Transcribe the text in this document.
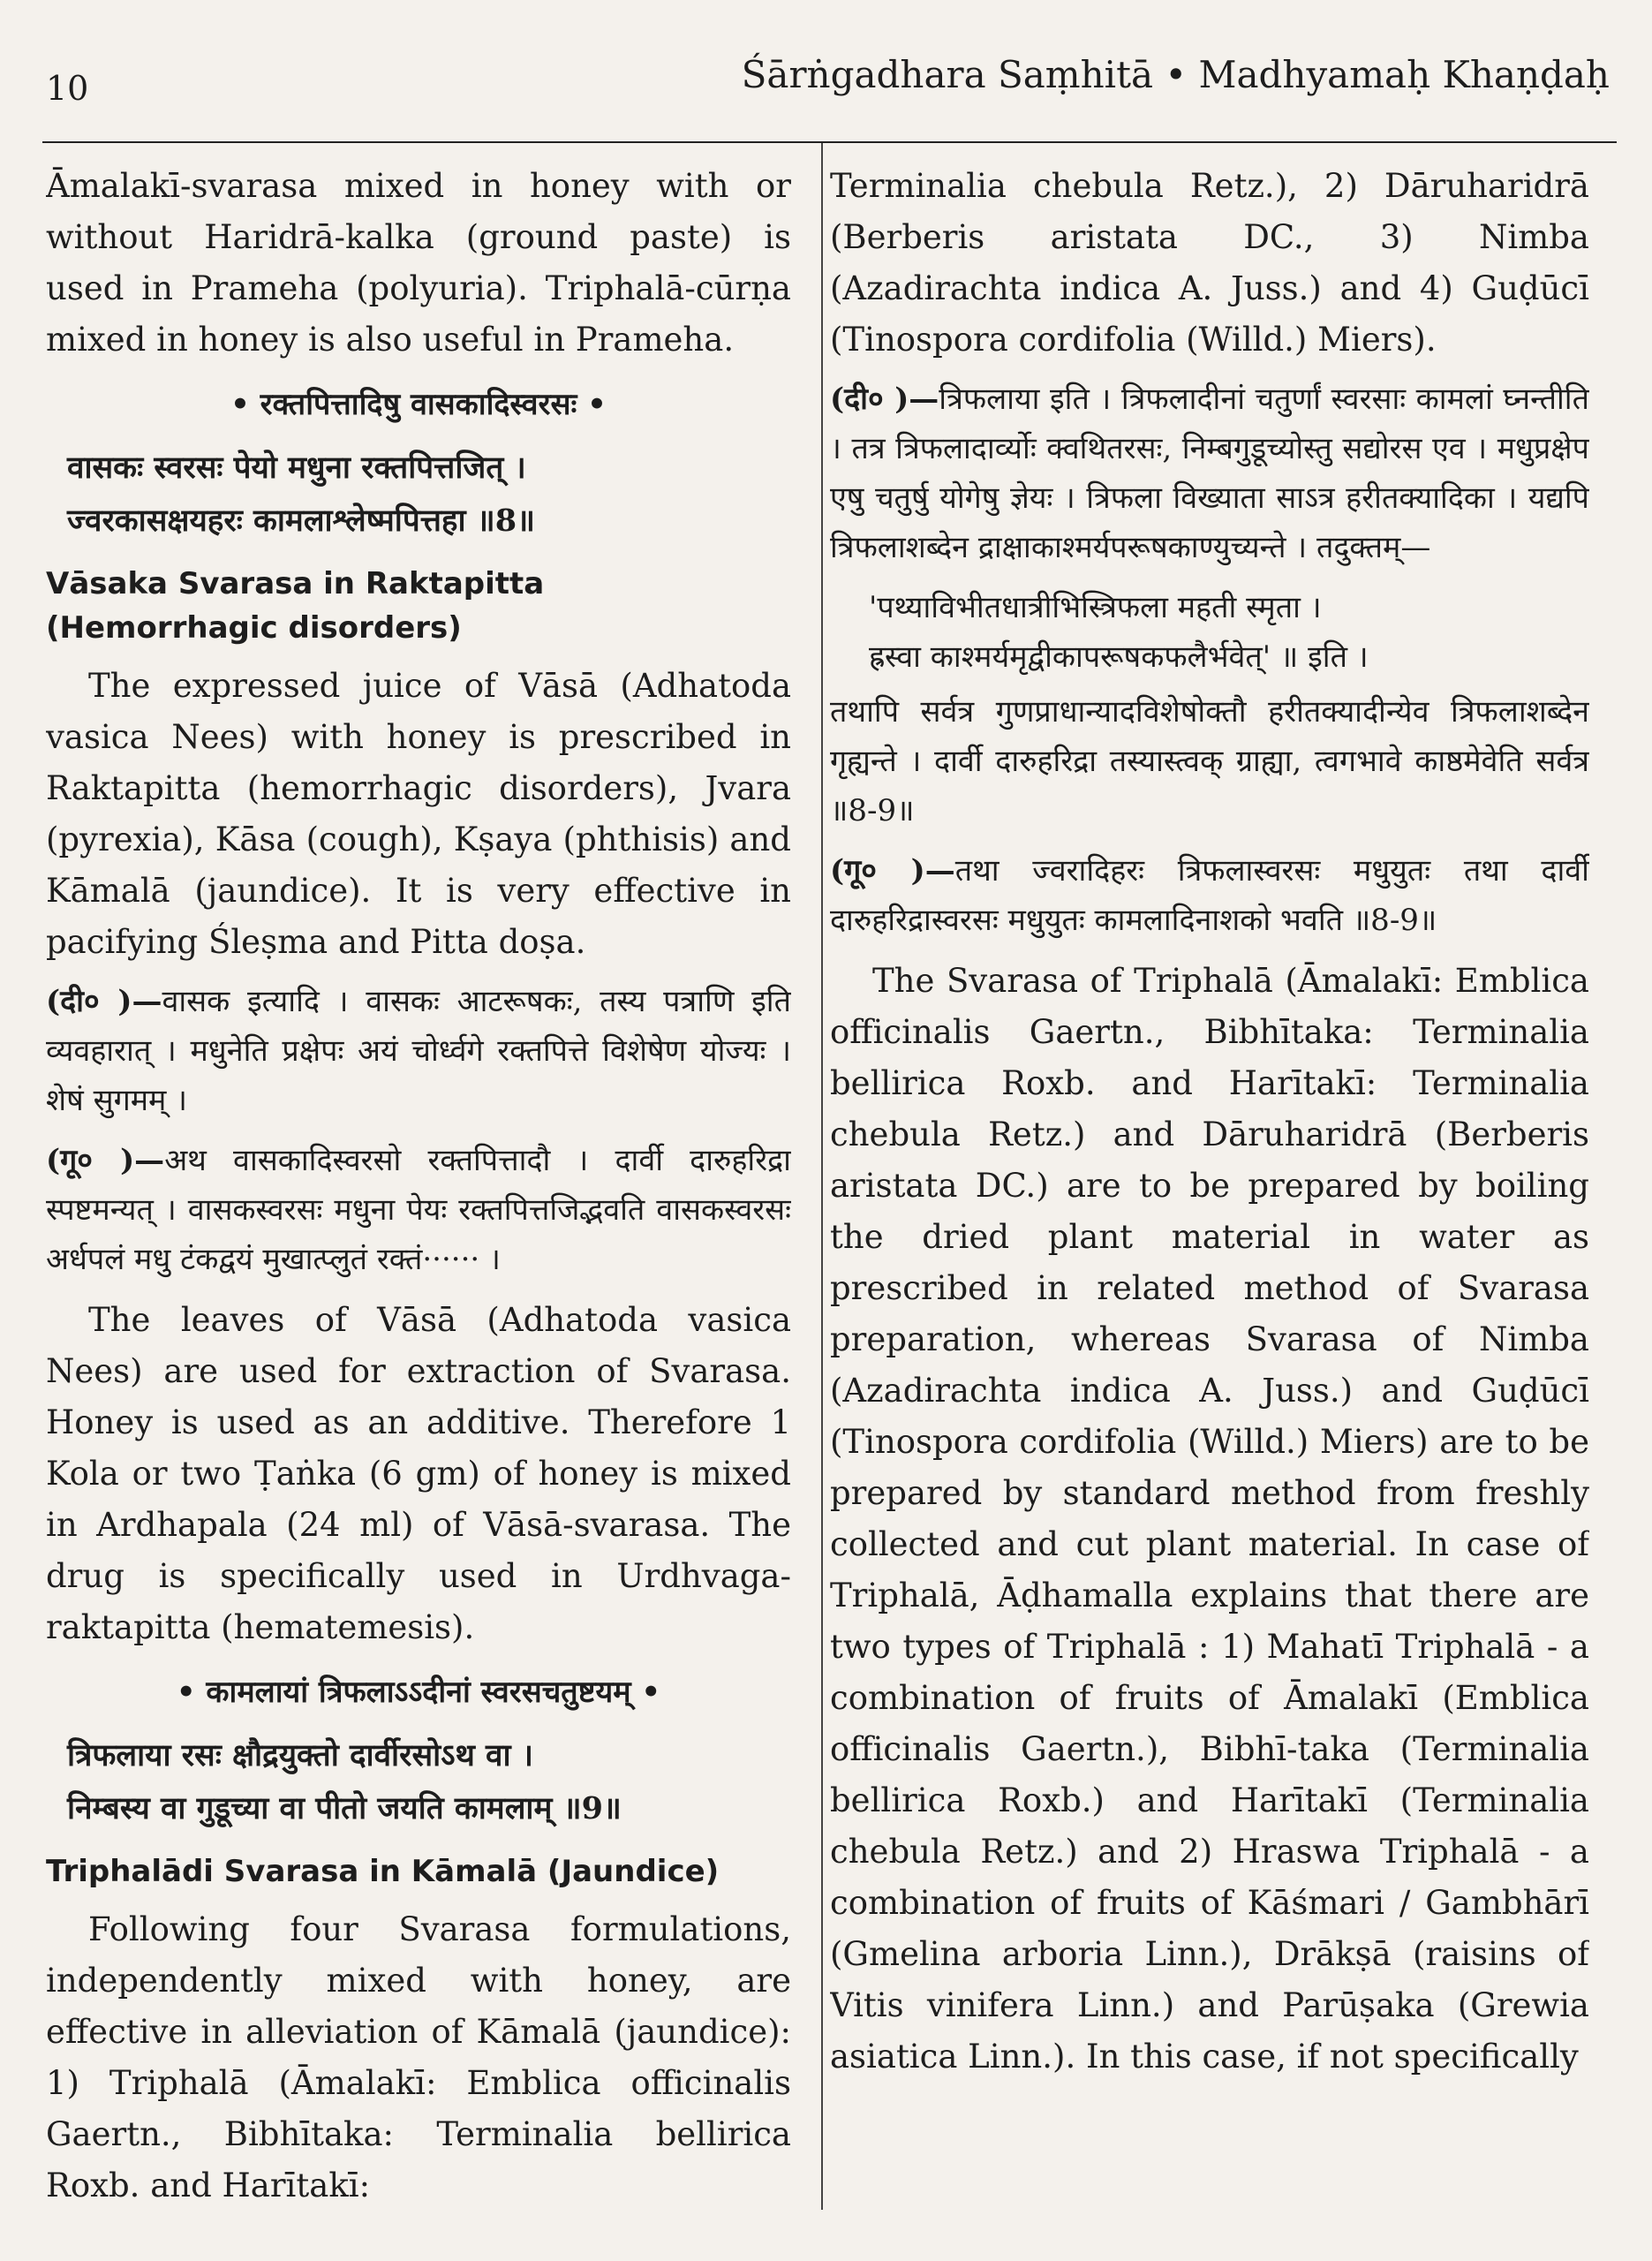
10	Śārṅgadhara Saṃhitā • Madhyamaḥ Khaṇḍaḥ

Āmalakī-svarasa mixed in honey with or without Haridrā-kalka (ground paste) is used in Prameha (polyuria). Triphalā-cūrṇa mixed in honey is also useful in Prameha.

• रक्तपित्तादिषु वासकादिस्वरसः •
वासकः स्वरसः पेयो मधुना रक्तपित्तजित् ।
ज्वरकासक्षयहरः कामलाश्लेष्मपित्तहा ॥8॥
Vāsaka Svarasa in Raktapitta
(Hemorrhagic disorders)

The expressed juice of Vāsā (Adhatoda vasica Nees) with honey is prescribed in Raktapitta (hemorrhagic disorders), Jvara (pyrexia), Kāsa (cough), Kṣaya (phthisis) and Kāmalā (jaundice). It is very effective in pacifying Śleṣma and Pitta doṣa.

(दी० )—वासक इत्यादि । वासकः आटरूषकः, तस्य पत्राणि इति व्यवहारात् । मधुनेति प्रक्षेपः अयं चोर्ध्वगे रक्तपित्ते विशेषेण योज्यः । शेषं सुगमम् ।

(गू० )—अथ वासकादिस्वरसो रक्तपित्तादौ । दार्वी दारुहरिद्रा स्पष्टमन्यत् । वासकस्वरसः मधुना पेयः रक्तपित्तजिद्भवति वासकस्वरसः अर्धपलं मधु टंकद्वयं मुखात्प्लुतं रक्तं······ ।

The leaves of Vāsā (Adhatoda vasica Nees) are used for extraction of Svarasa. Honey is used as an additive. Therefore 1 Kola or two Ṭaṅka (6 gm) of honey is mixed in Ardhapala (24 ml) of Vāsā-svarasa. The drug is specifically used in Urdhvaga-raktapitta (hematemesis).

• कामलायां त्रिफलाऽऽदीनां स्वरसचतुष्टयम् •
त्रिफलाया रसः क्षौद्रयुक्तो दार्वीरसोऽथ वा ।
निम्बस्य वा गुडूच्या वा पीतो जयति कामलाम् ॥9॥
Triphalādi Svarasa in Kāmalā (Jaundice)

Following four Svarasa formulations, independently mixed with honey, are effective in alleviation of Kāmalā (jaundice): 1) Triphalā (Āmalakī: Emblica officinalis Gaertn., Bibhītaka: Terminalia bellirica Roxb. and Harītakī:

Terminalia chebula Retz.), 2) Dāruharidrā (Berberis aristata DC., 3) Nimba (Azadirachta indica A. Juss.) and 4) Guḍūcī (Tinospora cordifolia (Willd.) Miers).

(दी० )—त्रिफलाया इति । त्रिफलादीनां चतुर्णां स्वरसाः कामलां घ्नन्तीति । तत्र त्रिफलादार्व्योः क्वथितरसः, निम्बगुडूच्योस्तु सद्योरस एव । मधुप्रक्षेप एषु चतुर्षु योगेषु ज्ञेयः । त्रिफला विख्याता साऽत्र हरीतक्यादिका । यद्यपि त्रिफलाशब्देन द्राक्षाकाश्मर्यपरूषकाण्युच्यन्ते । तदुक्तम्—

'पथ्याविभीतधात्रीभिस्त्रिफला महती स्मृता ।
ह्रस्वा काश्मर्यमृद्वीकापरूषकफलैर्भवेत्' ॥ इति ।

तथापि सर्वत्र गुणप्राधान्यादविशेषोक्तौ हरीतक्यादीन्येव त्रिफलाशब्देन गृह्यन्ते । दार्वी दारुहरिद्रा तस्यास्त्वक् ग्राह्या, त्वगभावे काष्ठमेवेति सर्वत्र ॥8-9॥

(गू० )—तथा ज्वरादिहरः त्रिफलास्वरसः मधुयुतः तथा दार्वी दारुहरिद्रास्वरसः मधुयुतः कामलादिनाशको भवति ॥8-9॥

The Svarasa of Triphalā (Āmalakī: Emblica officinalis Gaertn., Bibhītaka: Terminalia bellirica Roxb. and Harītakī: Terminalia chebula Retz.) and Dāruharidrā (Berberis aristata DC.) are to be prepared by boiling the dried plant material in water as prescribed in related method of Svarasa preparation, whereas Svarasa of Nimba (Azadirachta indica A. Juss.) and Guḍūcī (Tinospora cordifolia (Willd.) Miers) are to be prepared by standard method from freshly collected and cut plant material. In case of Triphalā, Āḍhamalla explains that there are two types of Triphalā : 1) Mahatī Triphalā - a combination of fruits of Āmalakī (Emblica officinalis Gaertn.), Bibhī-taka (Terminalia bellirica Roxb.) and Harītakī (Terminalia chebula Retz.) and 2) Hraswa Triphalā - a combination of fruits of Kāśmari / Gambhārī (Gmelina arboria Linn.), Drākṣā (raisins of Vitis vinifera Linn.) and Parūṣaka (Grewia asiatica Linn.). In this case, if not specifically
